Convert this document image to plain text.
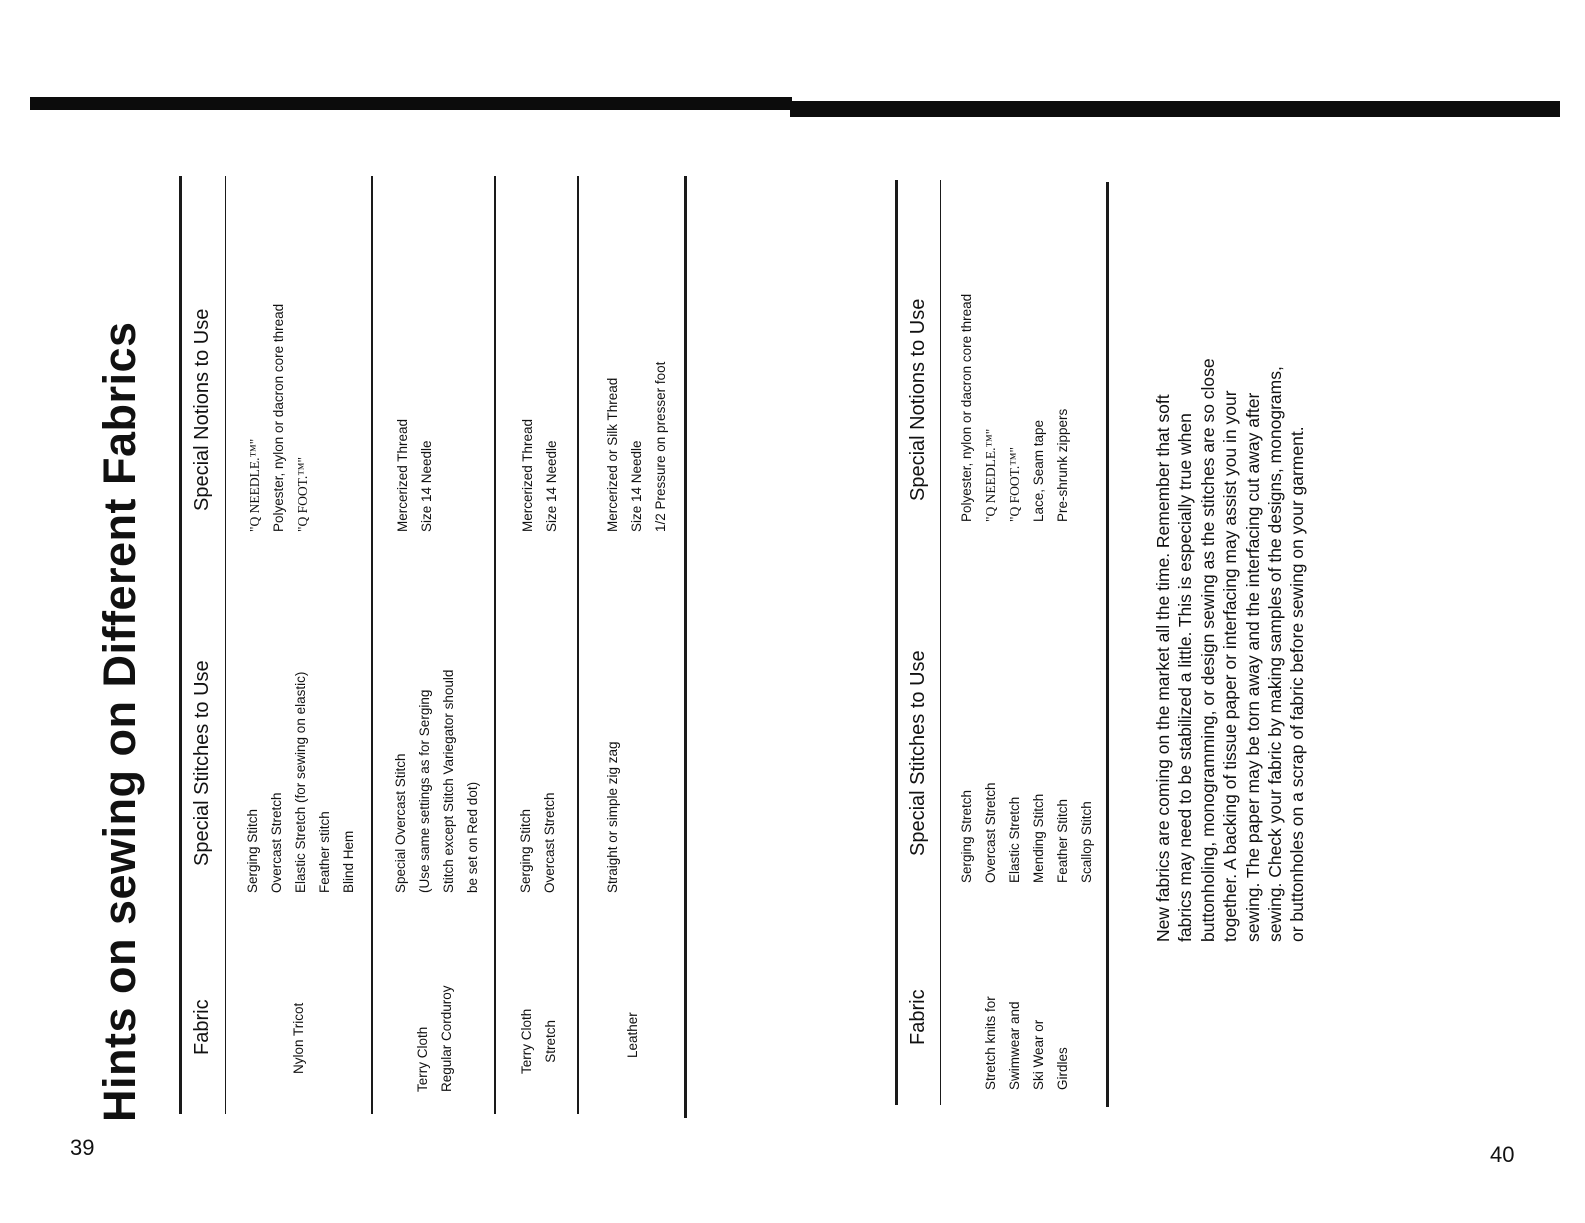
39	40
Hints on sewing on Different Fabrics Fabric
Special Stitches to Use
Special Notions to Use
Nylon Tricot
Serging Stitch Overcast Stretch Elastic Stretch (for sewing on elastic) Feather stitch Blind Hem
"Q NEEDLE.™" Polyester, nylon or dacron core thread "Q FOOT.™"
Terry Cloth Regular Corduroy
Special Overcast Stitch (Use same settings as for Serging Stitch except Stitch Variegator should be set on Red dot)
Mercerized Thread Size 14 Needle
Terry Cloth Stretch
Serging Stitch Overcast Stretch
Mercerized Thread Size 14 Needle
Leather
Straight or simple zig zag
Mercerized or Silk Thread Size 14 Needle 1/2 Pressure on presser foot
Fabric
Special Stitches to Use
Special Notions to Use
Stretch knits for Swimwear and Ski Wear or Girdles
Serging Stretch Overcast Stretch Elastic Stretch Mending Stitch Feather Stitch Scallop Stitch
Polyester, nylon or dacron core thread "Q NEEDLE.™" "Q FOOT.™" Lace, Seam tape Pre-shrunk zippers	New fabrics are coming on the market all the time. Remember that soft fabrics may need to be stabilized a little. This is especially true when buttonholing, monogramming, or design sewing as the stitches are so close together. A backing of tissue paper or interfacing may assist you in your sewing. The paper may be torn away and the interfacing cut away after sewing. Check your fabric by making samples of the designs, monograms, or buttonholes on a scrap of fabric before sewing on your garment.
